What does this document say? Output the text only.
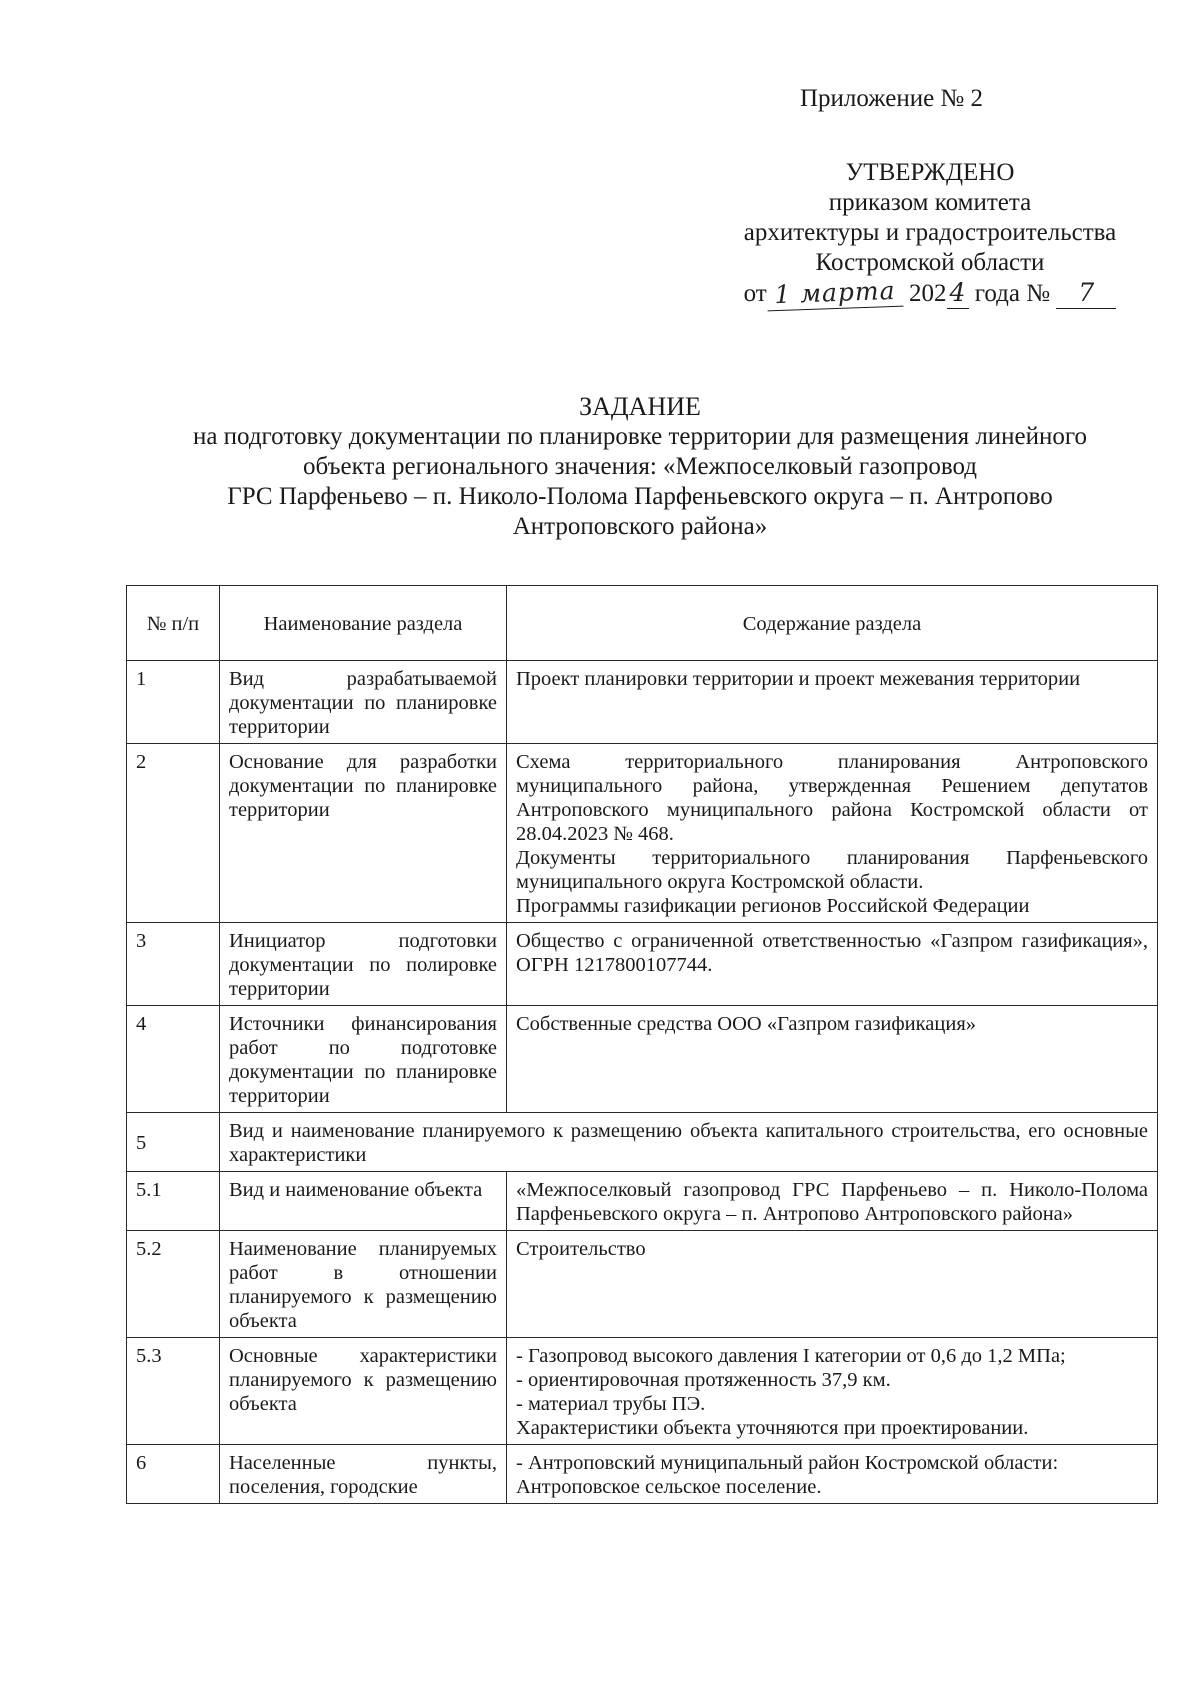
Приложение № 2
УТВЕРЖДЕНО
приказом комитета
архитектуры и градостроительства
Костромской области
от 1 марта 202 4 года № 7
ЗАДАНИЕ
на подготовку документации по планировке территории для размещения линейного
объекта регионального значения: «Межпоселковый газопровод
ГРС Парфеньево – п. Николо-Полома Парфеньевского округа – п. Антропово
Антроповского района»
№ п/п	Наименование раздела	Содержание раздела
1	Вид разрабатываемой документации по планировке территории	Проект планировки территории и проект межевания территории

2	Основание для разработки документации по планировке территории	Схема территориального планирования Антроповского муниципального района, утвержденная Решением депутатов Антроповского муниципального района Костромской области от 28.04.2023 № 468.
Документы территориального планирования Парфеньевского муниципального округа Костромской области.
Программы газификации регионов Российской Федерации

3	Инициатор подготовки документации по полировке территории	Общество с ограниченной ответственностью «Газпром газификация», ОГРН 1217800107744.

4	Источники финансирования работ по подготовке документации по планировке территории	Собственные средства ООО «Газпром газификация»

5	Вид и наименование планируемого к размещению объекта капитального строительства, его основные характеристики	
5.1	Вид и наименование объекта	«Межпоселковый газопровод ГРС Парфеньево – п. Николо-Полома Парфеньевского округа – п. Антропово Антроповского района»

5.2	Наименование планируемых работ в отношении планируемого к размещению объекта	Строительство

5.3	Основные характеристики планируемого к размещению объекта	- Газопровод высокого давления I категории от 0,6 до 1,2 МПа;
- ориентировочная протяженность 37,9 км.
- материал трубы ПЭ.
Характеристики объекта уточняются при проектировании.

6	Населенные пункты, поселения, городские	- Антроповский муниципальный район Костромской области:
Антроповское сельское поселение.
